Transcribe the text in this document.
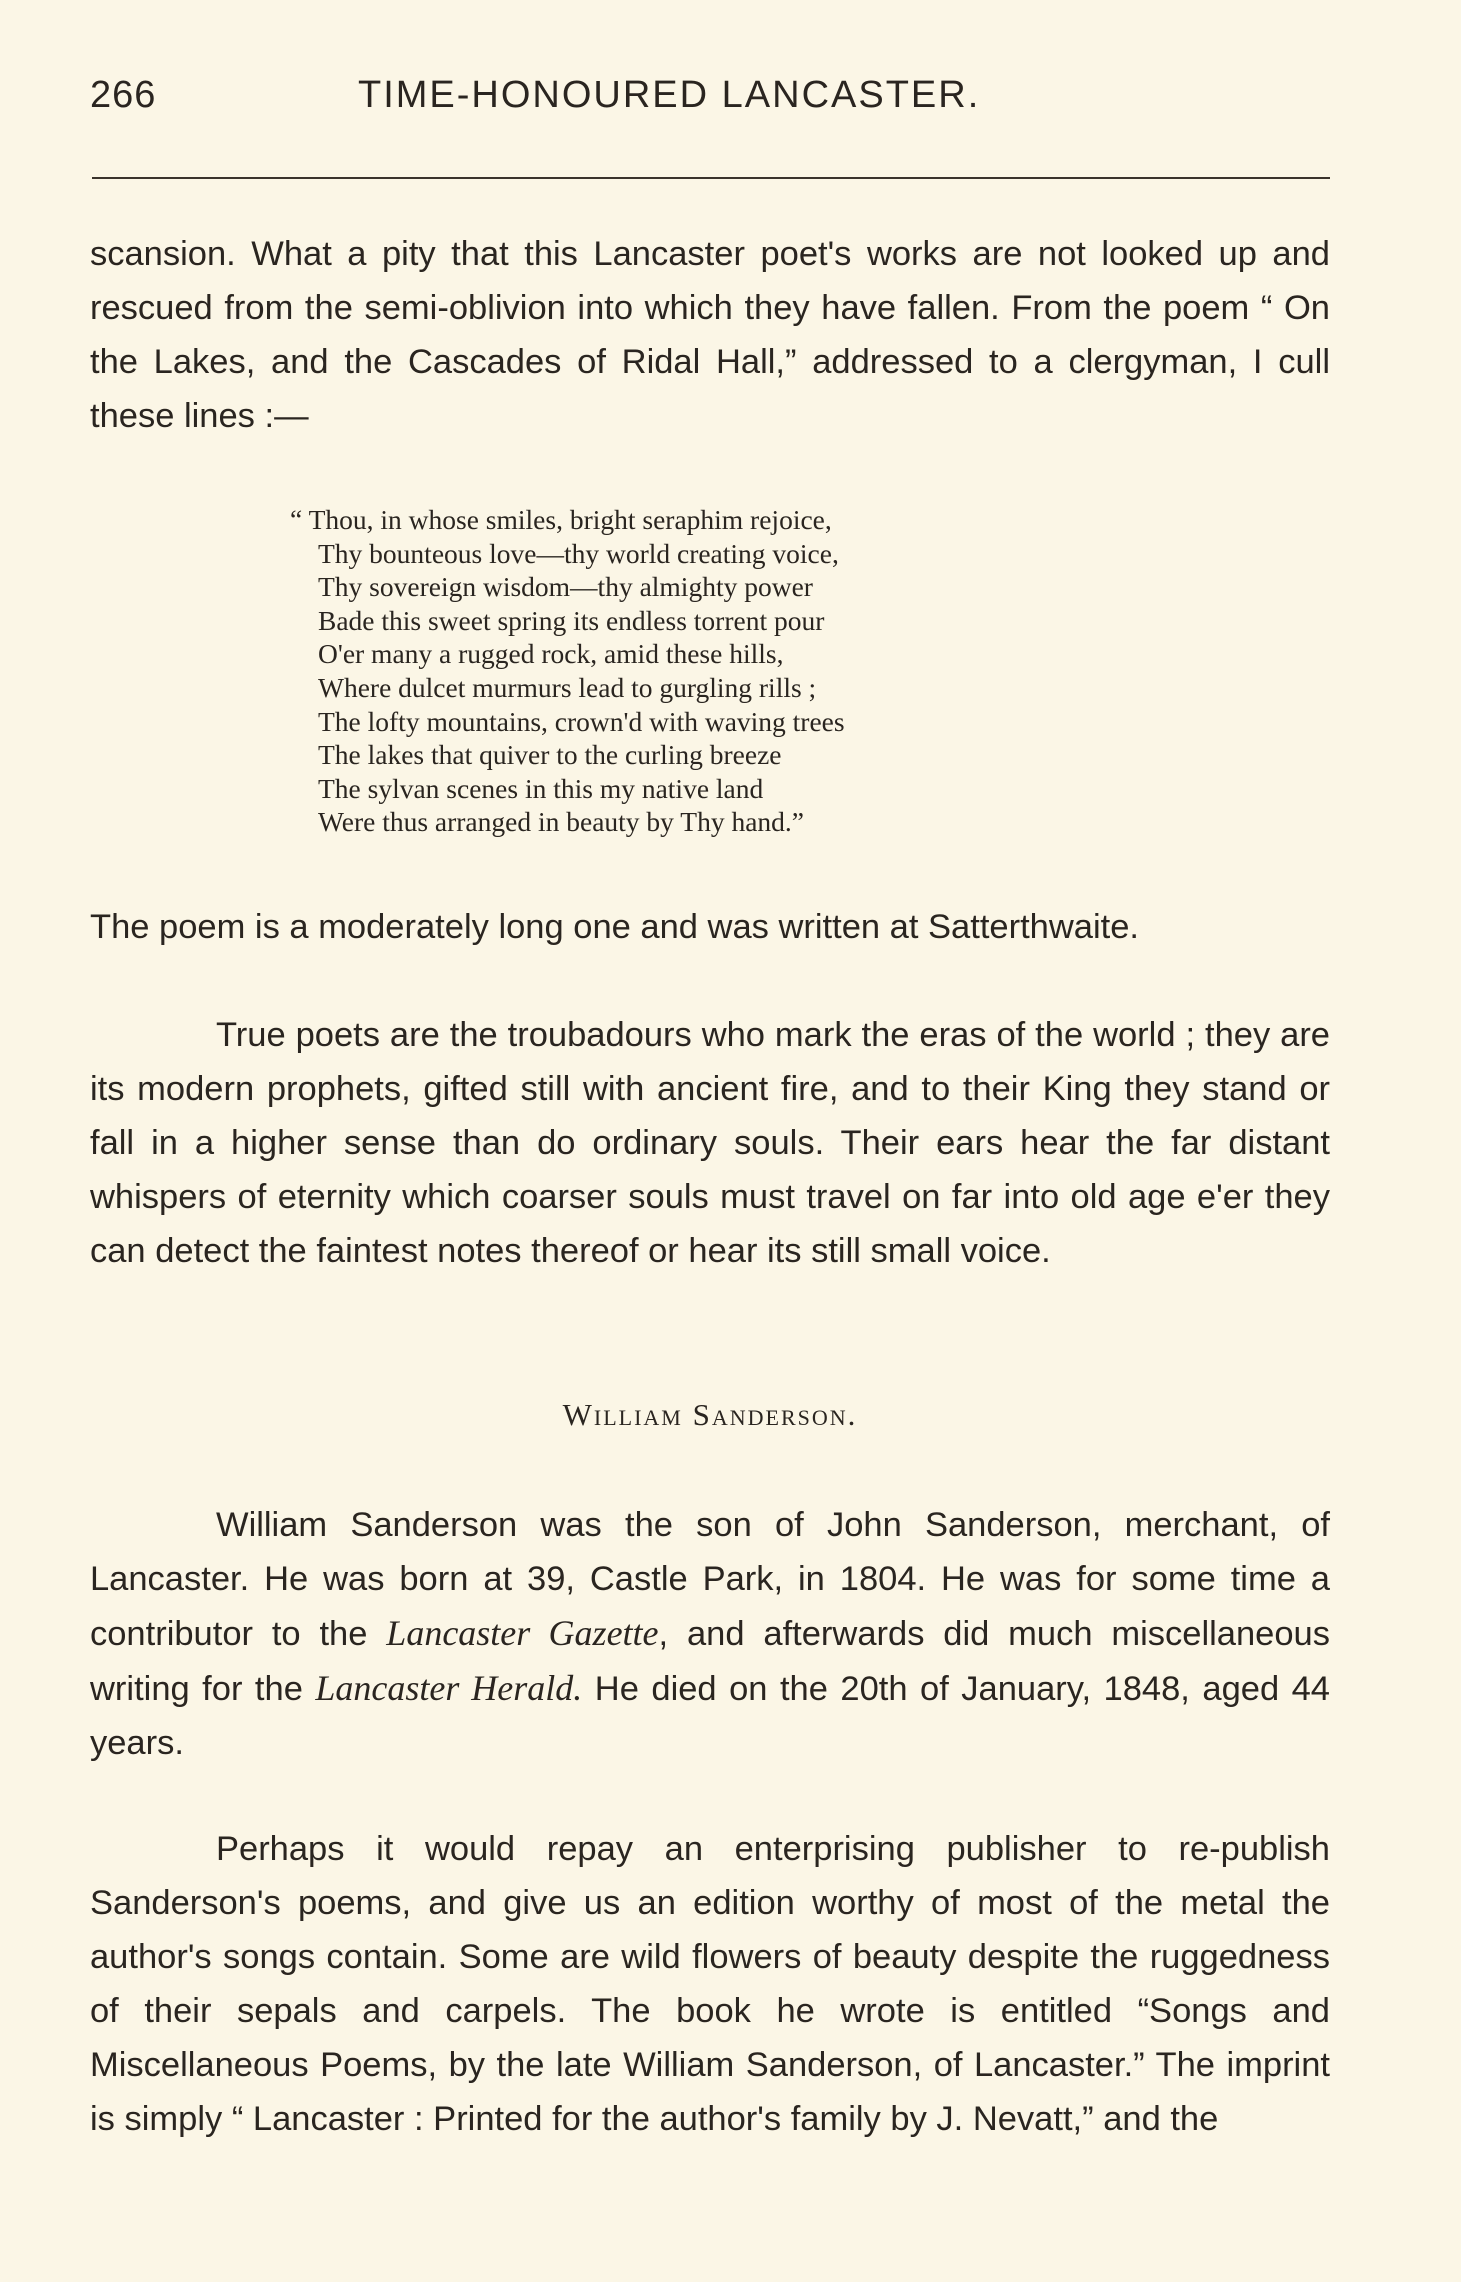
266	TIME-HONOURED LANCASTER.

scansion. What a pity that this Lancaster poet's works are not looked up and rescued from the semi-oblivion into which they have fallen. From the poem “ On the Lakes, and the Cascades of Ridal Hall,” addressed to a clergyman, I cull these lines :—

“ Thou, in whose smiles, bright seraphim rejoice,
Thy bounteous love—thy world creating voice,
Thy sovereign wisdom—thy almighty power
Bade this sweet spring its endless torrent pour
O'er many a rugged rock, amid these hills,
Where dulcet murmurs lead to gurgling rills ;
The lofty mountains, crown'd with waving trees
The lakes that quiver to the curling breeze
The sylvan scenes in this my native land
Were thus arranged in beauty by Thy hand.”
The poem is a moderately long one and was written at Satterthwaite.

True poets are the troubadours who mark the eras of the world ; they are its modern prophets, gifted still with ancient fire, and to their King they stand or fall in a higher sense than do ordinary souls. Their ears hear the far distant whispers of eternity which coarser souls must travel on far into old age e'er they can detect the faintest notes thereof or hear its still small voice.

William Sanderson.

William Sanderson was the son of John Sanderson, merchant, of Lancaster. He was born at 39, Castle Park, in 1804. He was for some time a contributor to the Lancaster Gazette, and afterwards did much miscellaneous writing for the Lancaster Herald. He died on the 20th of January, 1848, aged 44 years.

Perhaps it would repay an enterprising publisher to re-publish Sanderson's poems, and give us an edition worthy of most of the metal the author's songs contain. Some are wild flowers of beauty despite the ruggedness of their sepals and carpels. The book he wrote is entitled “Songs and Miscellaneous Poems, by the late William Sanderson, of Lancaster.” The imprint is simply “ Lancaster : Printed for the author's family by J. Nevatt,” and the
